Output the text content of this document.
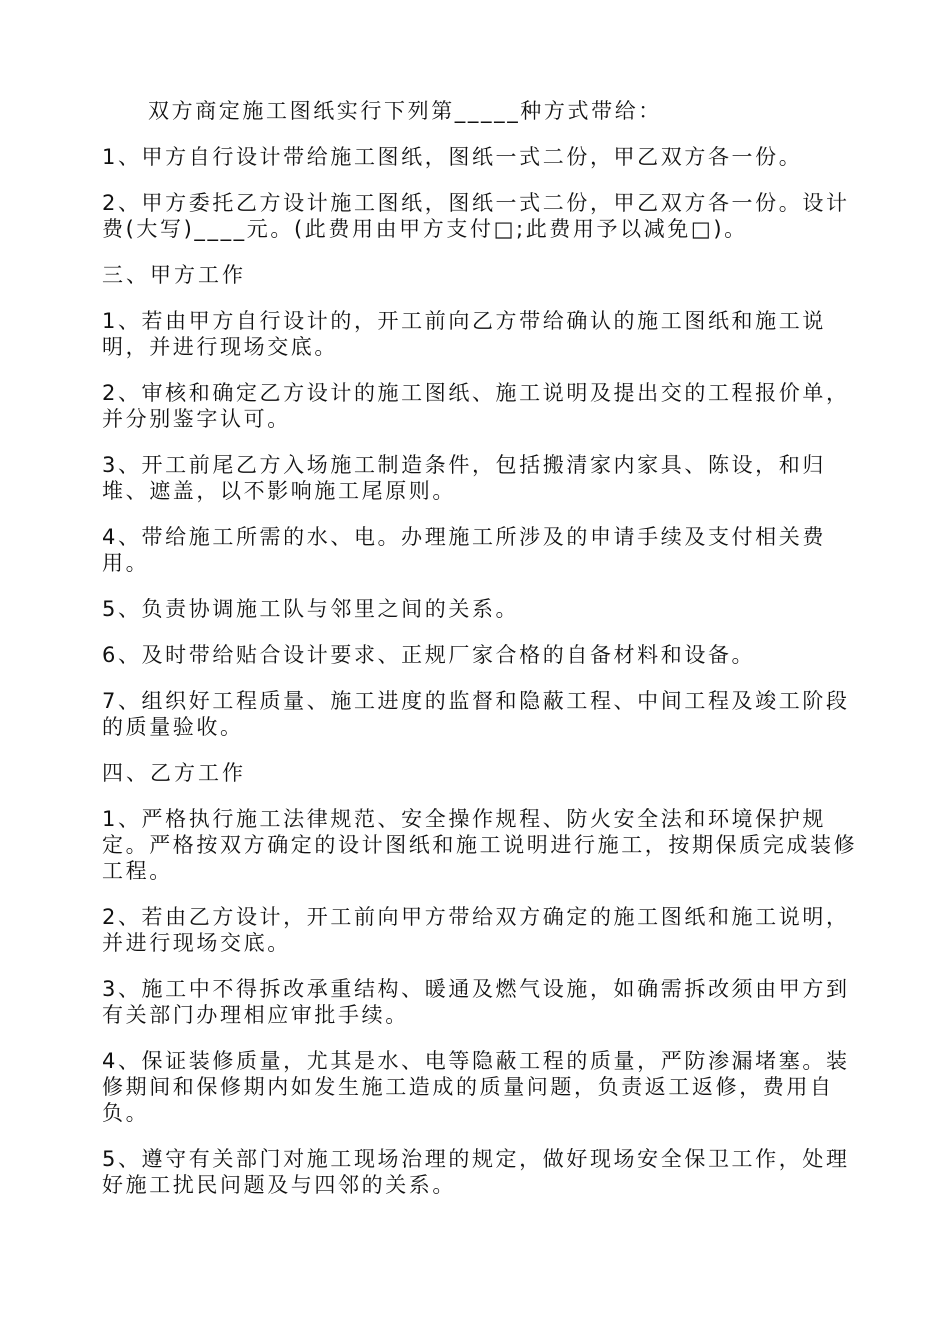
双方商定施工图纸实行下列第_____种方式带给：

1、甲方自行设计带给施工图纸，图纸一式二份，甲乙双方各一份。

2、甲方委托乙方设计施工图纸，图纸一式二份，甲乙双方各一份。设计费(大写)____元。(此费用由甲方支付□;此费用予以减免□)。

三、甲方工作

1、若由甲方自行设计的，开工前向乙方带给确认的施工图纸和施工说明，并进行现场交底。

2、审核和确定乙方设计的施工图纸、施工说明及提出交的工程报价单，并分别鉴字认可。

3、开工前尾乙方入场施工制造条件，包括搬清家内家具、陈设，和归堆、遮盖，以不影响施工尾原则。

4、带给施工所需的水、电。办理施工所涉及的申请手续及支付相关费用。

5、负责协调施工队与邻里之间的关系。

6、及时带给贴合设计要求、正规厂家合格的自备材料和设备。

7、组织好工程质量、施工进度的监督和隐蔽工程、中间工程及竣工阶段的质量验收。

四、乙方工作

1、严格执行施工法律规范、安全操作规程、防火安全法和环境保护规定。严格按双方确定的设计图纸和施工说明进行施工，按期保质完成装修工程。

2、若由乙方设计，开工前向甲方带给双方确定的施工图纸和施工说明，并进行现场交底。

3、施工中不得拆改承重结构、暖通及燃气设施，如确需拆改须由甲方到有关部门办理相应审批手续。

4、保证装修质量，尤其是水、电等隐蔽工程的质量，严防渗漏堵塞。装修期间和保修期内如发生施工造成的质量问题，负责返工返修，费用自负。

5、遵守有关部门对施工现场治理的规定，做好现场安全保卫工作，处理好施工扰民问题及与四邻的关系。
